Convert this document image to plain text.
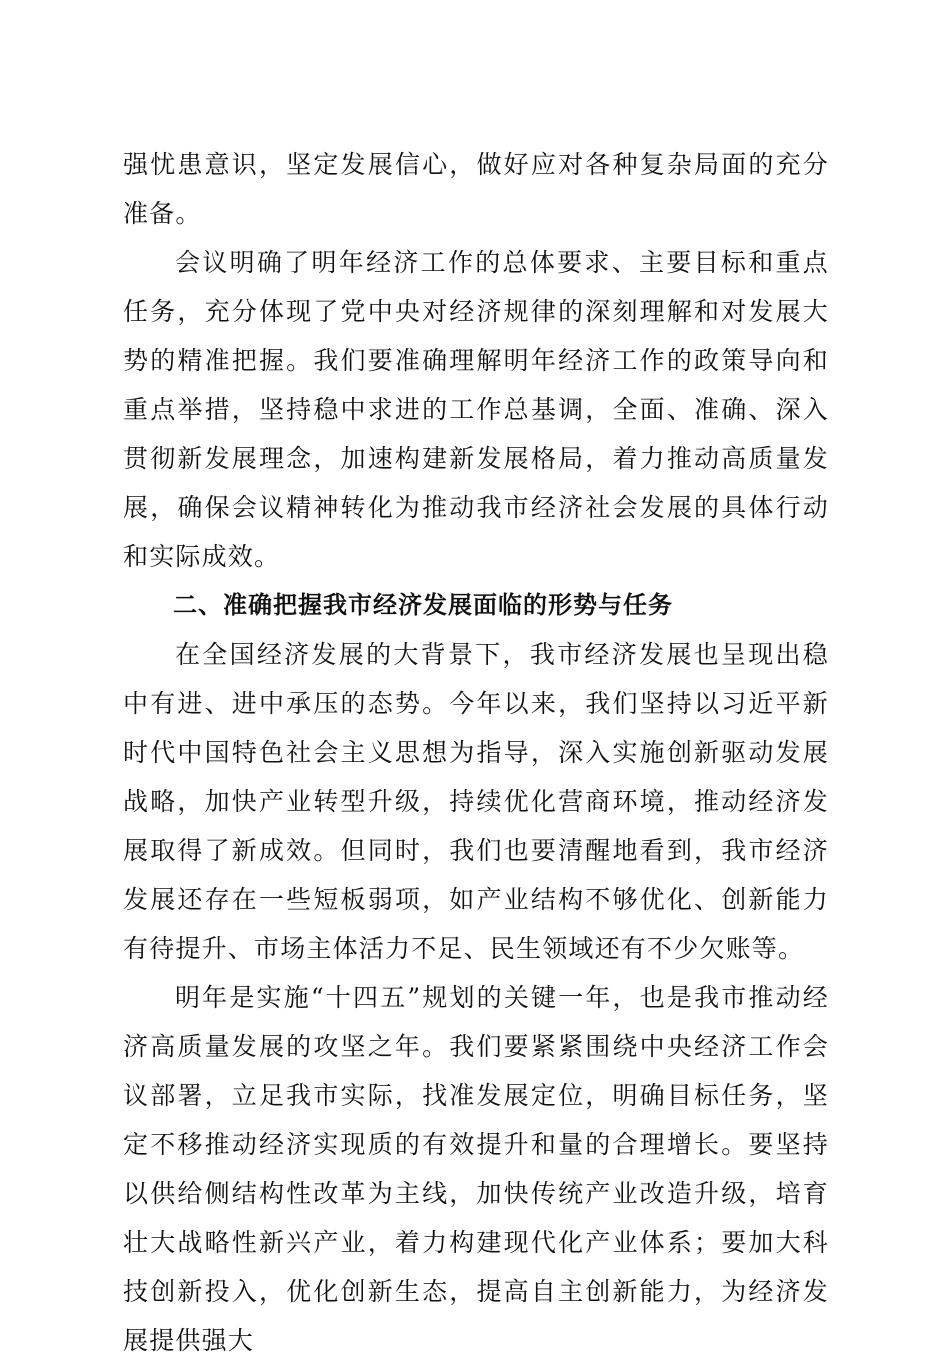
强忧患意识，坚定发展信心，做好应对各种复杂局面的充分准备。

会议明确了明年经济工作的总体要求、主要目标和重点任务，充分体现了党中央对经济规律的深刻理解和对发展大势的精准把握。我们要准确理解明年经济工作的政策导向和重点举措，坚持稳中求进的工作总基调，全面、准确、深入贯彻新发展理念，加速构建新发展格局，着力推动高质量发展，确保会议精神转化为推动我市经济社会发展的具体行动和实际成效。

二、准确把握我市经济发展面临的形势与任务

在全国经济发展的大背景下，我市经济发展也呈现出稳中有进、进中承压的态势。今年以来，我们坚持以习近平新时代中国特色社会主义思想为指导，深入实施创新驱动发展战略，加快产业转型升级，持续优化营商环境，推动经济发展取得了新成效。但同时，我们也要清醒地看到，我市经济发展还存在一些短板弱项，如产业结构不够优化、创新能力有待提升、市场主体活力不足、民生领域还有不少欠账等。

明年是实施“十四五”规划的关键一年，也是我市推动经济高质量发展的攻坚之年。我们要紧紧围绕中央经济工作会议部署，立足我市实际，找准发展定位，明确目标任务，坚定不移推动经济实现质的有效提升和量的合理增长。要坚持以供给侧结构性改革为主线，加快传统产业改造升级，培育壮大战略性新兴产业，着力构建现代化产业体系；要加大科技创新投入，优化创新生态，提高自主创新能力，为经济发展提供强大
